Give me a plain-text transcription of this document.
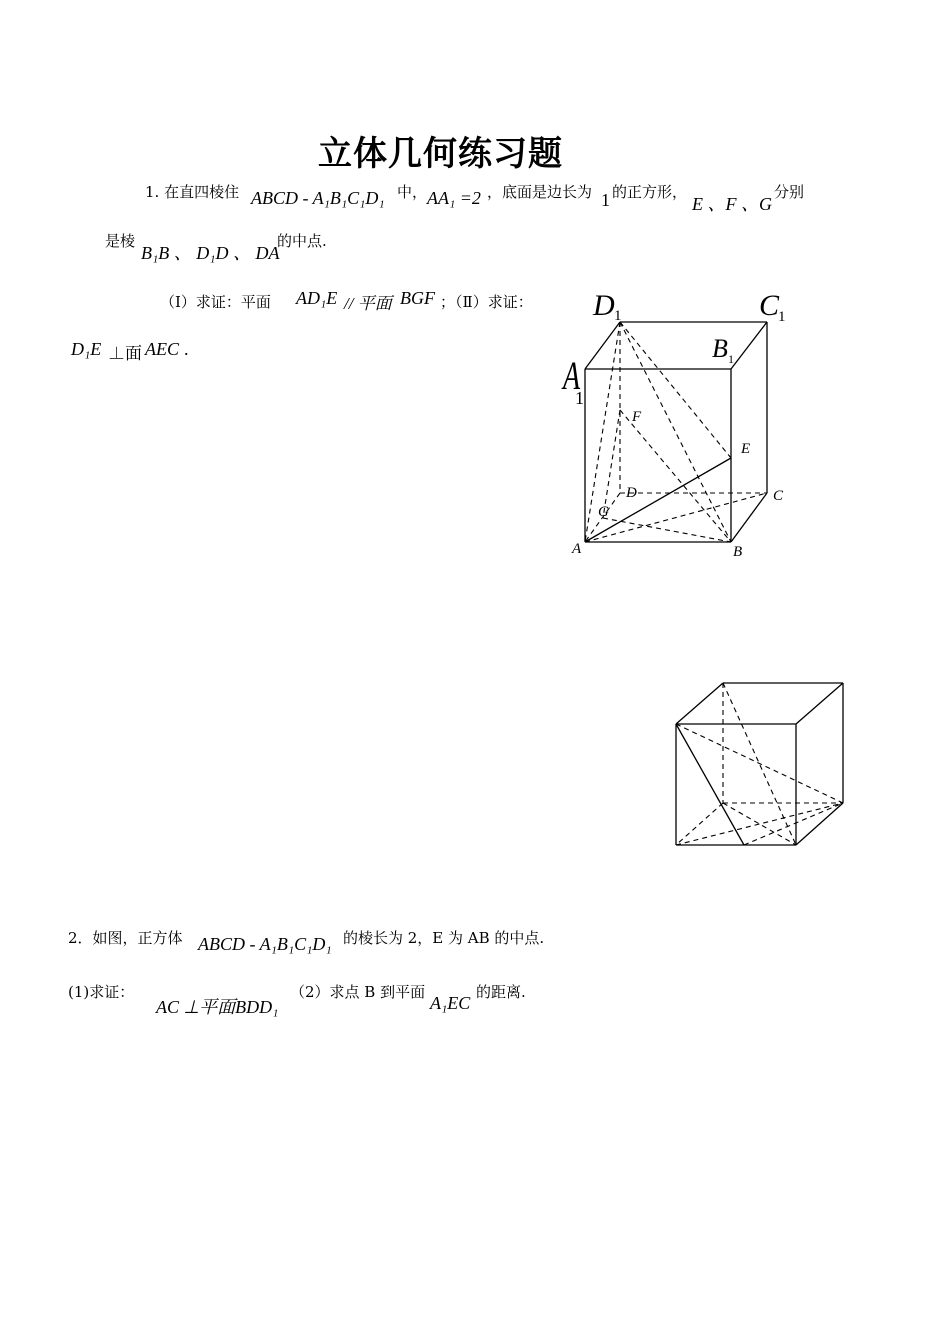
立体几何练习题
1. 在直四棱住 ABCD - A₁B₁C₁D₁ 中， AA₁ =2 ，底面是边长为 1 的正方形，
E 、F 、G
分别
是棱
B₁B 、 D₁D 、 DA
的中点.
（Ⅰ）求证：平面 AD₁E // 平面 BGF ；（Ⅱ）求证：
D₁E ⊥面 AEC .
D 1	C
1
B 1
A
1
F
E
D	C
G
A	B
2．如图，正方体 ABCD - A₁B₁C₁D₁ 的棱长为 2，E 为 AB 的中点.
(1)求证：
AC ⊥平面BDD₁
（2）求点 B 到平面
A₁EC
的距离.
